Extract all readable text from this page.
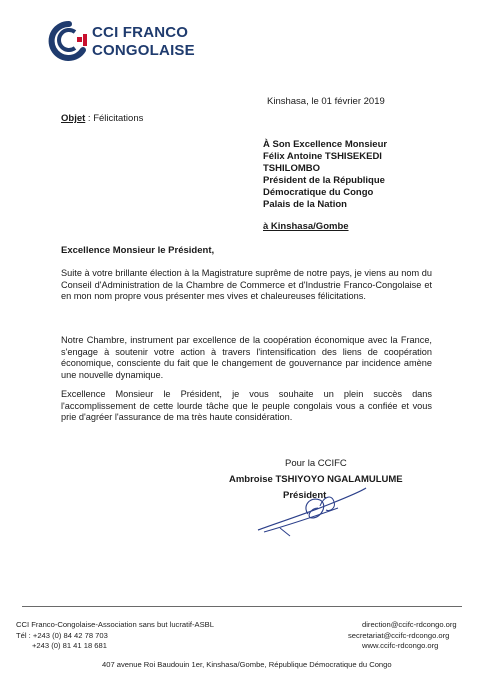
CCI FRANCO
CONGOLAISE
Kinshasa, le 01 février 2019
Objet : Félicitations
À Son Excellence Monsieur
Félix Antoine TSHISEKEDI
TSHILOMBO
Président de la République
Démocratique du Congo
Palais de la Nation
à Kinshasa/Gombe
Excellence Monsieur le Président,
Suite à votre brillante élection à la Magistrature suprême de notre pays, je viens au nom du Conseil d'Administration de la Chambre de Commerce et d'Industrie Franco-Congolaise et en mon nom propre vous présenter mes vives et chaleureuses félicitations.
Notre Chambre, instrument par excellence de la coopération économique avec la France, s'engage à soutenir votre action à travers l'intensification des liens de coopération économique, consciente du fait que le changement de gouvernance par incidence amène une nouvelle dynamique.
Excellence Monsieur le Président, je vous souhaite un plein succès dans l'accomplissement de cette lourde tâche que le peuple congolais vous a confiée et vous prie d'agréer l'assurance de ma très haute considération.
Pour la CCIFC
Ambroise TSHIYOYO NGALAMULUME
Président
CCI Franco-Congolaise-Association sans but lucratif-ASBL
Tél : +243 (0) 84 42 78 703
+243 (0) 81 41 18 681
direction@ccifc-rdcongo.org
secretariat@ccifc-rdcongo.org
www.ccifc-rdcongo.org
407 avenue Roi Baudouin 1er, Kinshasa/Gombe, République Démocratique du Congo
